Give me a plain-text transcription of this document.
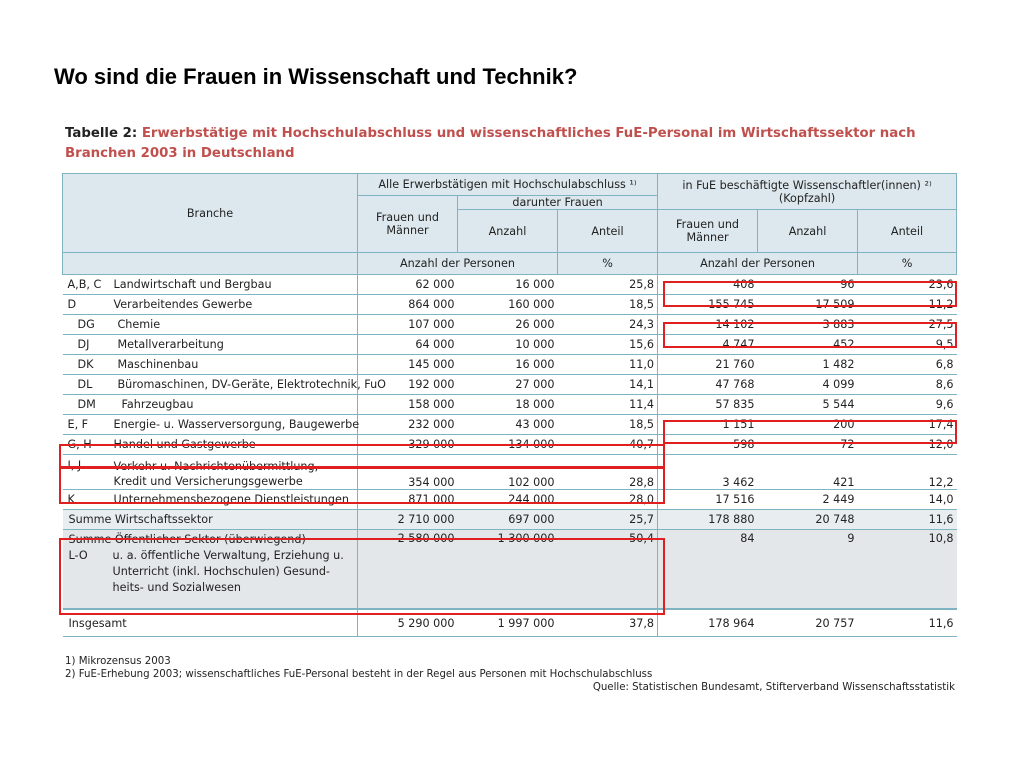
Wo sind die Frauen in Wissenschaft und Technik?
Tabelle 2: Erwerbstätige mit Hochschulabschluss und wissenschaftliches FuE-Personal im Wirtschaftssektor nach Branchen 2003 in Deutschland
Branche	Alle Erwerbstätigen mit Hochschulabschluss ¹⁾			in FuE beschäftigte Wissenschaftler(innen) ²⁾ (Kopfzahl)		
	Frauen und Männer	darunter Frauen				
		Anzahl	Anteil	Frauen und Männer	Anzahl	Anteil
	Anzahl der Personen		%	Anzahl der Personen		%
A,B, C Landwirtschaft und Bergbau	62 000	16 000	25,8	408	96	23,6
D Verarbeitendes Gewerbe	864 000	160 000	18,5	155 745	17 509	11,2
DG Chemie	107 000	26 000	24,3	14 102	3 883	27,5
DJ Metallverarbeitung	64 000	10 000	15,6	4 747	452	9,5
DK Maschinenbau	145 000	16 000	11,0	21 760	1 482	6,8
DL Büromaschinen, DV-Geräte, Elektrotechnik, FuO	192 000	27 000	14,1	47 768	4 099	8,6
DM Fahrzeugbau	158 000	18 000	11,4	57 835	5 544	9,6
E, F Energie- u. Wasserversorgung, Baugewerbe	232 000	43 000	18,5	1 151	200	17,4
G, H Handel und Gastgewerbe	329 000	134 000	40,7	598	72	12,0
I, J Verkehr u. Nachrichtenübermittlung, Kredit und Versicherungsgewerbe	354 000	102 000	28,8	3 462	421	12,2
K Unternehmensbezogene Dienstleistungen	871 000	244 000	28,0	17 516	2 449	14,0
Summe Wirtschaftssektor	2 710 000	697 000	25,7	178 880	20 748	11,6

Summe Öffentlicher Sektor (überwiegend)
L-O u. a. öffentliche Verwaltung, Erziehung u. Unterricht (inkl. Hochschulen) Gesund-heits- und Sozialwesen	2 580 000	1 300 000	50,4	84	9	10,8
Insgesamt	5 290 000	1 997 000	37,8	178 964	20 757	11,6
1) Mikrozensus 2003
2) FuE-Erhebung 2003; wissenschaftliches FuE-Personal besteht in der Regel aus Personen mit Hochschulabschluss
Quelle: Statistischen Bundesamt, Stifterverband Wissenschaftsstatistik
